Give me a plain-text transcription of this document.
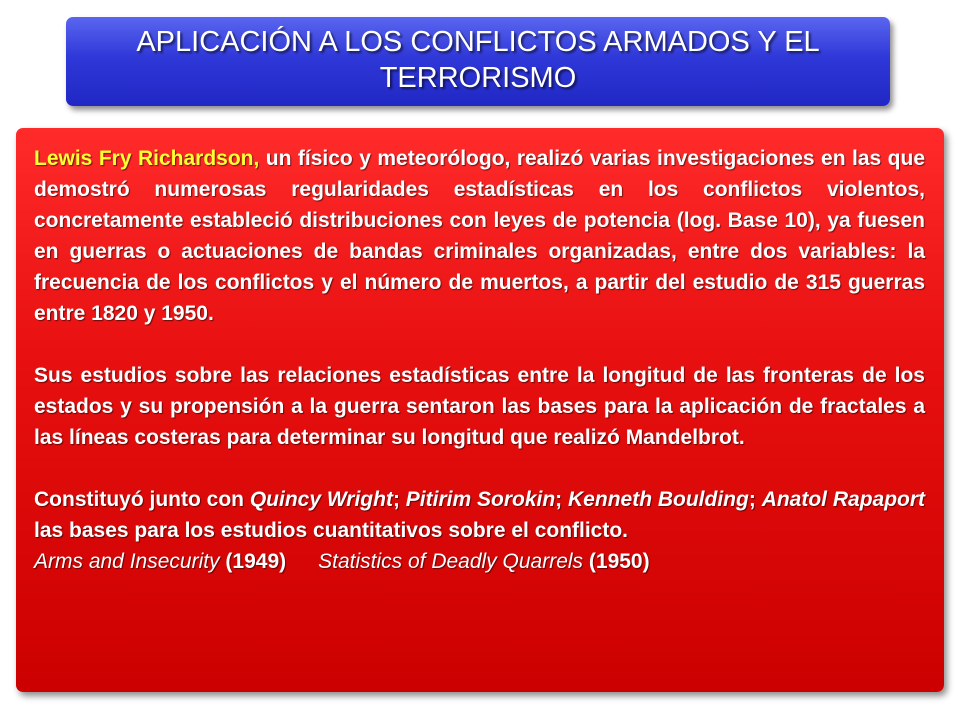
APLICACIÓN A LOS CONFLICTOS ARMADOS Y EL TERRORISMO

Lewis Fry Richardson, un físico y meteorólogo, realizó varias investigaciones en las que demostró numerosas regularidades estadísticas en los conflictos violentos, concretamente estableció distribuciones con leyes de potencia (log. Base 10), ya fuesen en guerras o actuaciones de bandas criminales organizadas, entre dos variables: la frecuencia de los conflictos y el número de muertos, a partir del estudio de 315 guerras entre 1820 y 1950.

Sus estudios sobre las relaciones estadísticas entre la longitud de las fronteras de los estados y su propensión a la guerra sentaron las bases para la aplicación de fractales a las líneas costeras para determinar su longitud que realizó Mandelbrot.

Constituyó junto con Quincy Wright; Pitirim Sorokin; Kenneth Boulding; Anatol Rapaport las bases para los estudios cuantitativos sobre el conflicto.

Arms and Insecurity (1949) Statistics of Deadly Quarrels (1950)
